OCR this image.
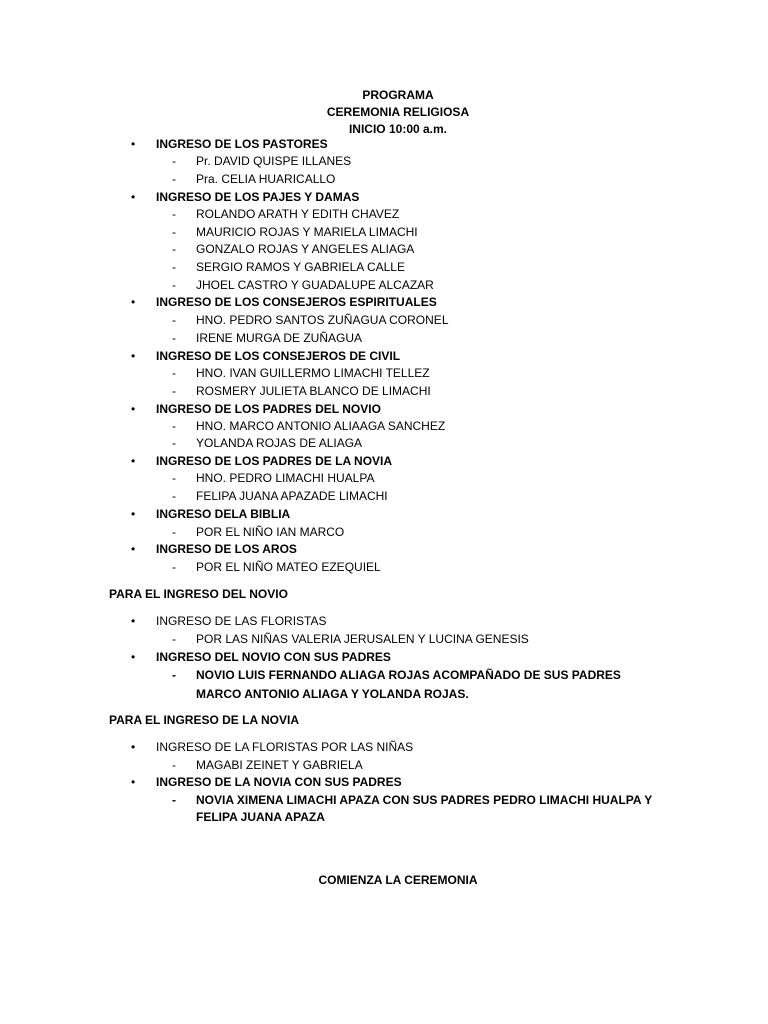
PROGRAMA
CEREMONIA RELIGIOSA
INICIO 10:00 a.m.
• INGRESO DE LOS PASTORES
- Pr. DAVID QUISPE ILLANES
- Pra. CELIA HUARICALLO
• INGRESO DE LOS PAJES Y DAMAS
- ROLANDO ARATH Y EDITH CHAVEZ
- MAURICIO ROJAS Y MARIELA LIMACHI
- GONZALO ROJAS Y ANGELES ALIAGA
- SERGIO RAMOS Y GABRIELA CALLE
- JHOEL CASTRO Y GUADALUPE ALCAZAR
• INGRESO DE LOS CONSEJEROS ESPIRITUALES
- HNO. PEDRO SANTOS ZUÑAGUA CORONEL
- IRENE MURGA DE ZUÑAGUA
• INGRESO DE LOS CONSEJEROS DE CIVIL
- HNO. IVAN GUILLERMO LIMACHI TELLEZ
- ROSMERY JULIETA BLANCO DE LIMACHI
• INGRESO DE LOS PADRES DEL NOVIO
- HNO. MARCO ANTONIO ALIAAGA SANCHEZ
- YOLANDA ROJAS DE ALIAGA
• INGRESO DE LOS PADRES DE LA NOVIA
- HNO. PEDRO LIMACHI HUALPA
- FELIPA JUANA APAZADE LIMACHI
• INGRESO DELA BIBLIA
- POR EL NIÑO IAN MARCO
• INGRESO DE LOS AROS
- POR EL NIÑO MATEO EZEQUIEL
PARA EL INGRESO DEL NOVIO
• INGRESO DE LAS FLORISTAS
- POR LAS NIÑAS VALERIA JERUSALEN Y LUCINA GENESIS
• INGRESO DEL NOVIO CON SUS PADRES
- NOVIO LUIS FERNANDO ALIAGA ROJAS ACOMPAÑADO DE SUS PADRES
MARCO ANTONIO ALIAGA Y YOLANDA ROJAS.
PARA EL INGRESO DE LA NOVIA
• INGRESO DE LA FLORISTAS POR LAS NIÑAS
- MAGABI ZEINET Y GABRIELA
• INGRESO DE LA NOVIA CON SUS PADRES
- NOVIA XIMENA LIMACHI APAZA CON SUS PADRES PEDRO LIMACHI HUALPA Y
FELIPA JUANA APAZA
COMIENZA LA CEREMONIA
